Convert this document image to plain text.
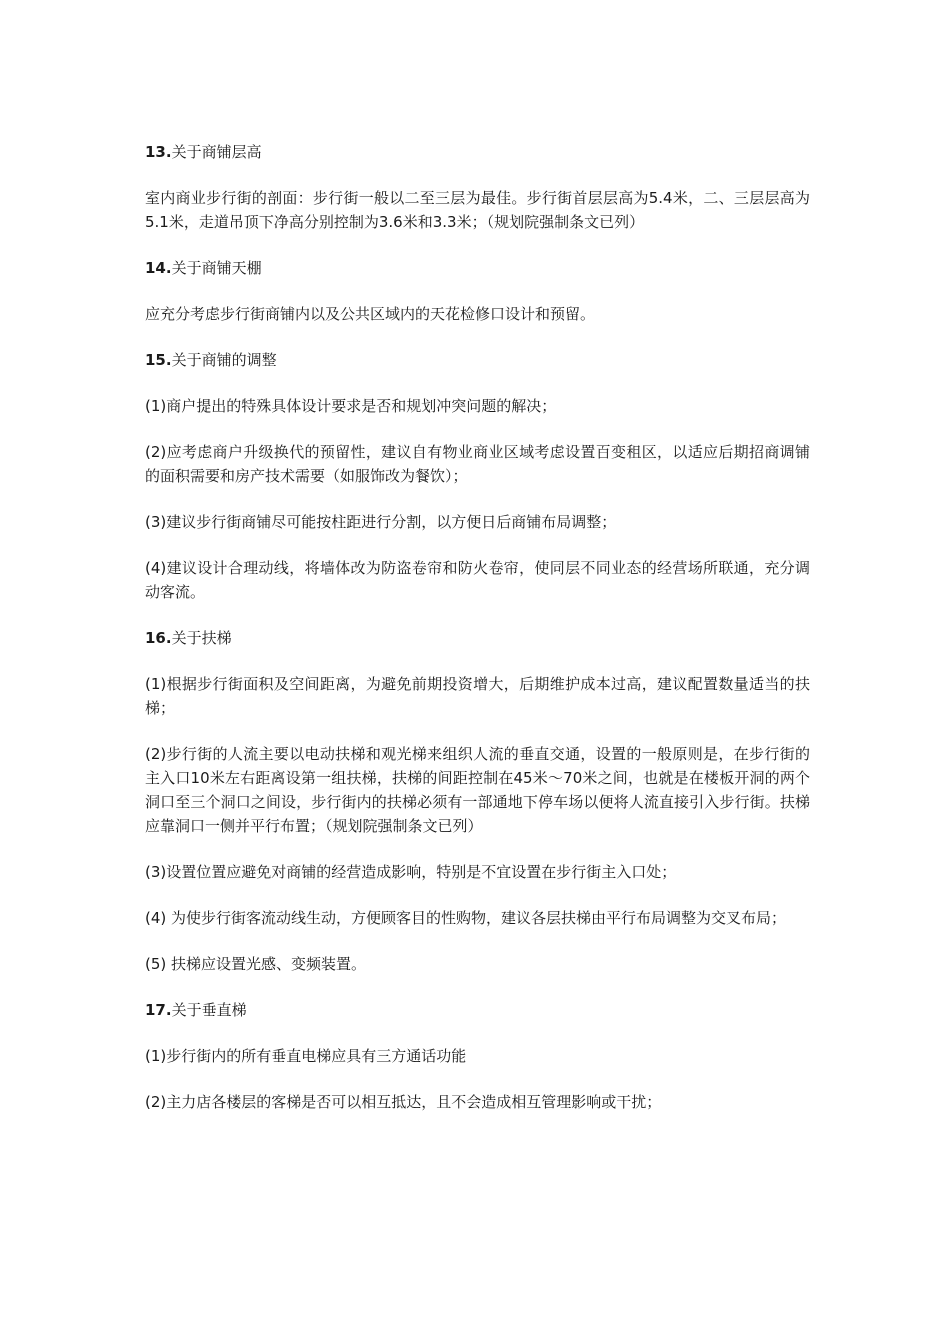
13.关于商铺层高

室内商业步行街的剖面：步行街一般以二至三层为最佳。步行街首层层高为5.4米，二、三层层高为5.1米，走道吊顶下净高分别控制为3.6米和3.3米；（规划院强制条文已列）

14.关于商铺天棚

应充分考虑步行街商铺内以及公共区域内的天花检修口设计和预留。

15.关于商铺的调整

(1)商户提出的特殊具体设计要求是否和规划冲突问题的解决；

(2)应考虑商户升级换代的预留性，建议自有物业商业区域考虑设置百变租区，以适应后期招商调铺的面积需要和房产技术需要（如服饰改为餐饮）；

(3)建议步行街商铺尽可能按柱距进行分割，以方便日后商铺布局调整；

(4)建议设计合理动线，将墙体改为防盗卷帘和防火卷帘，使同层不同业态的经营场所联通，充分调动客流。

16.关于扶梯

(1)根据步行街面积及空间距离，为避免前期投资增大，后期维护成本过高，建议配置数量适当的扶梯；

(2)步行街的人流主要以电动扶梯和观光梯来组织人流的垂直交通，设置的一般原则是，在步行街的主入口10米左右距离设第一组扶梯，扶梯的间距控制在45米～70米之间，也就是在楼板开洞的两个洞口至三个洞口之间设，步行街内的扶梯必须有一部通地下停车场以便将人流直接引入步行街。扶梯应靠洞口一侧并平行布置；（规划院强制条文已列）

(3)设置位置应避免对商铺的经营造成影响，特别是不宜设置在步行街主入口处；

(4) 为使步行街客流动线生动，方便顾客目的性购物，建议各层扶梯由平行布局调整为交叉布局；

(5) 扶梯应设置光感、变频装置。

17.关于垂直梯

(1)步行街内的所有垂直电梯应具有三方通话功能

(2)主力店各楼层的客梯是否可以相互抵达，且不会造成相互管理影响或干扰；
